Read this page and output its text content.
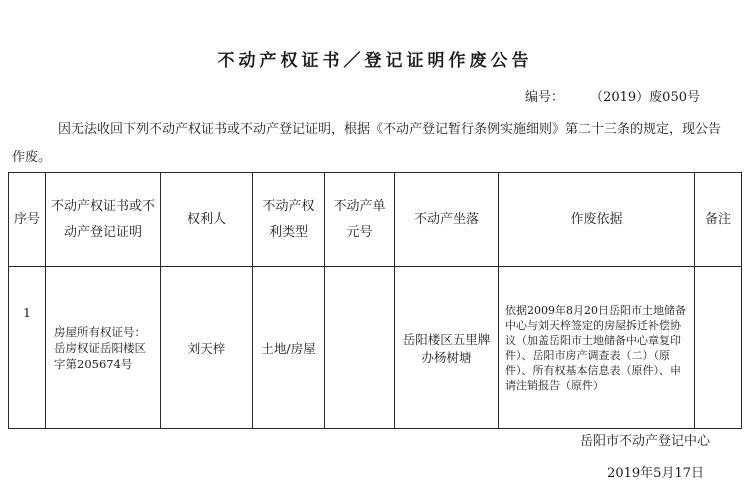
不动产权证书／登记证明作废公告
编号： （2019）废050号
因无法收回下列不动产权证书或不动产登记证明，根据《不动产登记暂行条例实施细则》第二十三条的规定，现公告作废。
序号	不动产权证书或不动产登记证明	权利人	不动产权利类型	不动产单元号	不动产坐落	作废依据	备注
1	房屋所有权证号：岳房权证岳阳楼区字第205674号	刘天梓	土地/房屋		岳阳楼区五里牌办杨树塘	依据2009年8月20日岳阳市土地储备中心与刘天梓签定的房屋拆迁补偿协议（加盖岳阳市土地储备中心章复印件）、岳阳市房产调查表（二）（原件）、所有权基本信息表（原件）、申请注销报告（原件）	
岳阳市不动产登记中心
2019年5月17日
